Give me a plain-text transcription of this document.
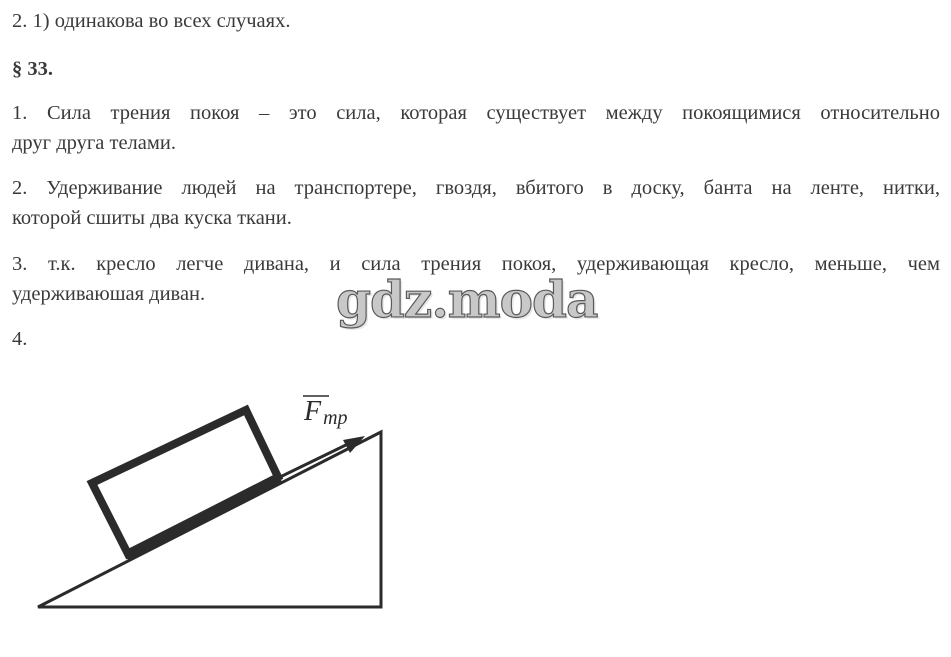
2. 1) одинакова во всех случаях.
§ 33.
1. Сила трения покоя – это сила, которая существует между покоящимися относительно
друг друга телами.
2. Удерживание людей на транспортере, гвоздя, вбитого в доску, банта на ленте, нитки,
которой сшиты два куска ткани.
3. т.к. кресло легче дивана, и сила трения покоя, удерживающая кресло, меньше, чем
удерживаюшая диван.
4.
gdz.moda
F тр
